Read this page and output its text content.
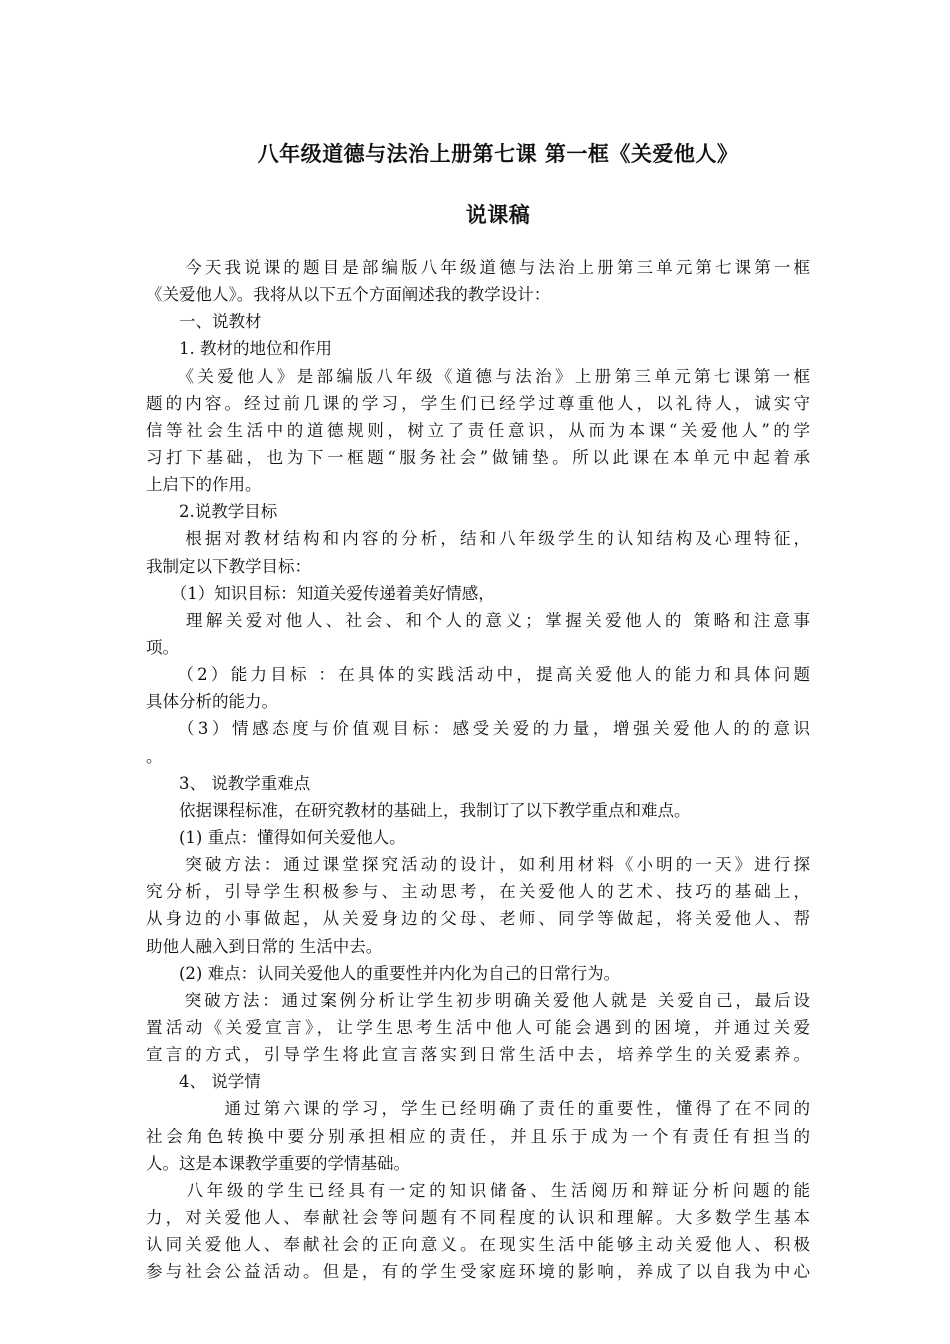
八年级道德与法治上册第七课 第一框《关爱他人》
说课稿
　　今天我说课的题目是部编版八年级道德与法治上册第三单元第七课第一框
《关爱他人》。我将从以下五个方面阐述我的教学设计：
　　一、说教材
　　1. 教材的地位和作用
　　《关爱他人》是部编版八年级《道德与法治》上册第三单元第七课第一框
题的内容。经过前几课的学习，学生们已经学过尊重他人，以礼待人，诚实守
信等社会生活中的道德规则，树立了责任意识，从而为本课“关爱他人”的学
习打下基础，也为下一框题“服务社会”做铺垫。所以此课在本单元中起着承
上启下的作用。
　　2.说教学目标
　　根据对教材结构和内容的分析，结和八年级学生的认知结构及心理特征，
我制定以下教学目标：
　　（1）知识目标：知道关爱传递着美好情感，
　　理解关爱对他人、社会、和个人的意义；掌握关爱他人的 策略和注意事
项。
　　（2）能力目标 ：在具体的实践活动中，提高关爱他人的能力和具体问题
具体分析的能力。
　　（3）情感态度与价值观目标：感受关爱的力量，增强关爱他人的的意识
。
　　3、 说教学重难点
　　依据课程标准，在研究教材的基础上，我制订了以下教学重点和难点。
　　(1) 重点：懂得如何关爱他人。
　　突破方法：通过课堂探究活动的设计，如利用材料《小明的一天》进行探
究分析，引导学生积极参与、主动思考，在关爱他人的艺术、技巧的基础上，
从身边的小事做起，从关爱身边的父母、老师、同学等做起，将关爱他人、帮
助他人融入到日常的 生活中去。
　　(2) 难点：认同关爱他人的重要性并内化为自己的日常行为。
　　突破方法：通过案例分析让学生初步明确关爱他人就是 关爱自己，最后设
置活动《关爱宣言》，让学生思考生活中他人可能会遇到的困境，并通过关爱
宣言的方式，引导学生将此宣言落实到日常生活中去，培养学生的关爱素养。
　　4、 说学情
　　　　通过第六课的学习，学生已经明确了责任的重要性，懂得了在不同的
社会角色转换中要分别承担相应的责任，并且乐于成为一个有责任有担当的
人。这是本课教学重要的学情基础。
　　八年级的学生已经具有一定的知识储备、生活阅历和辩证分析问题的能
力，对关爱他人、奉献社会等问题有不同程度的认识和理解。大多数学生基本
认同关爱他人、奉献社会的正向意义。在现实生活中能够主动关爱他人、积极
参与社会公益活动。但是，有的学生受家庭环境的影响，养成了以自我为中心
